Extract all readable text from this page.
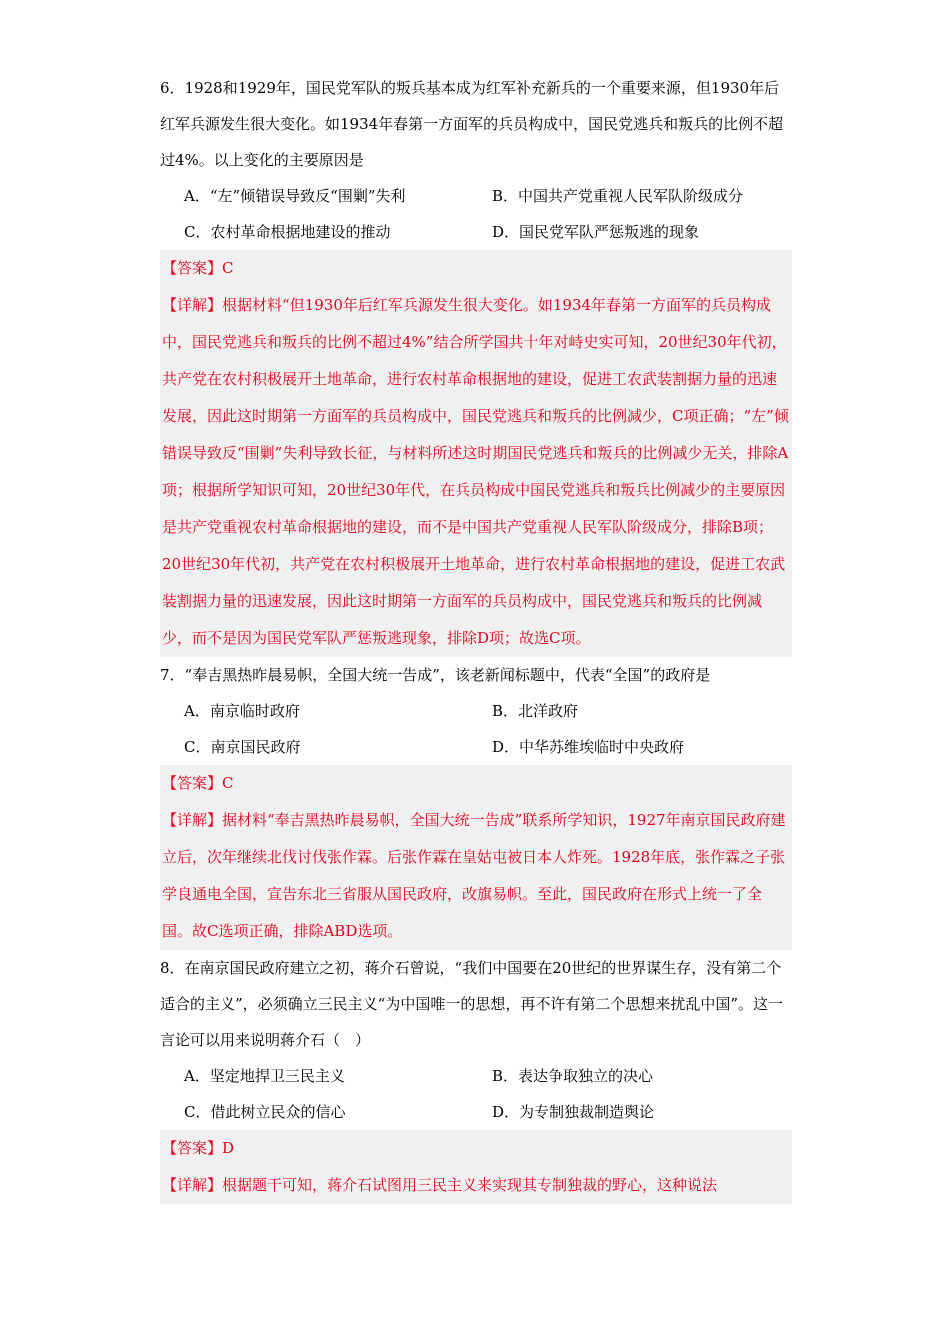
6．1928和1929年，国民党军队的叛兵基本成为红军补充新兵的一个重要来源，但1930年后红军兵源发生很大变化。如1934年春第一方面军的兵员构成中，国民党逃兵和叛兵的比例不超过4%。以上变化的主要原因是

A．“左”倾错误导致反“围剿”失利	B．中国共产党重视人民军队阶级成分
C．农村革命根据地建设的推动	D．国民党军队严惩叛逃的现象

【答案】C

【详解】根据材料“但1930年后红军兵源发生很大变化。如1934年春第一方面军的兵员构成中，国民党逃兵和叛兵的比例不超过4%”结合所学国共十年对峙史实可知，20世纪30年代初，共产党在农村积极展开土地革命，进行农村革命根据地的建设，促进工农武装割据力量的迅速发展，因此这时期第一方面军的兵员构成中，国民党逃兵和叛兵的比例减少，C项正确；“左”倾错误导致反“围剿”失利导致长征，与材料所述这时期国民党逃兵和叛兵的比例减少无关，排除A项；根据所学知识可知，20世纪30年代，在兵员构成中国民党逃兵和叛兵比例减少的主要原因是共产党重视农村革命根据地的建设，而不是中国共产党重视人民军队阶级成分，排除B项；20世纪30年代初，共产党在农村积极展开土地革命，进行农村革命根据地的建设，促进工农武装割据力量的迅速发展，因此这时期第一方面军的兵员构成中，国民党逃兵和叛兵的比例减少，而不是因为国民党军队严惩叛逃现象，排除D项；故选C项。

7．“奉吉黑热昨晨易帜，全国大统一告成”，该老新闻标题中，代表“全国”的政府是

A．南京临时政府	B．北洋政府
C．南京国民政府	D．中华苏维埃临时中央政府

【答案】C

【详解】据材料“奉吉黑热昨晨易帜，全国大统一告成”联系所学知识，1927年南京国民政府建立后，次年继续北伐讨伐张作霖。后张作霖在皇姑屯被日本人炸死。1928年底，张作霖之子张学良通电全国，宣告东北三省服从国民政府，改旗易帜。至此，国民政府在形式上统一了全国。故C选项正确，排除ABD选项。

8．在南京国民政府建立之初，蒋介石曾说，“我们中国要在20世纪的世界谋生存，没有第二个适合的主义”，必须确立三民主义“为中国唯一的思想，再不许有第二个思想来扰乱中国”。这一言论可以用来说明蒋介石（　）

A．坚定地捍卫三民主义	B．表达争取独立的决心
C．借此树立民众的信心	D．为专制独裁制造舆论

【答案】D

【详解】根据题干可知，蒋介石试图用三民主义来实现其专制独裁的野心，这种说法
